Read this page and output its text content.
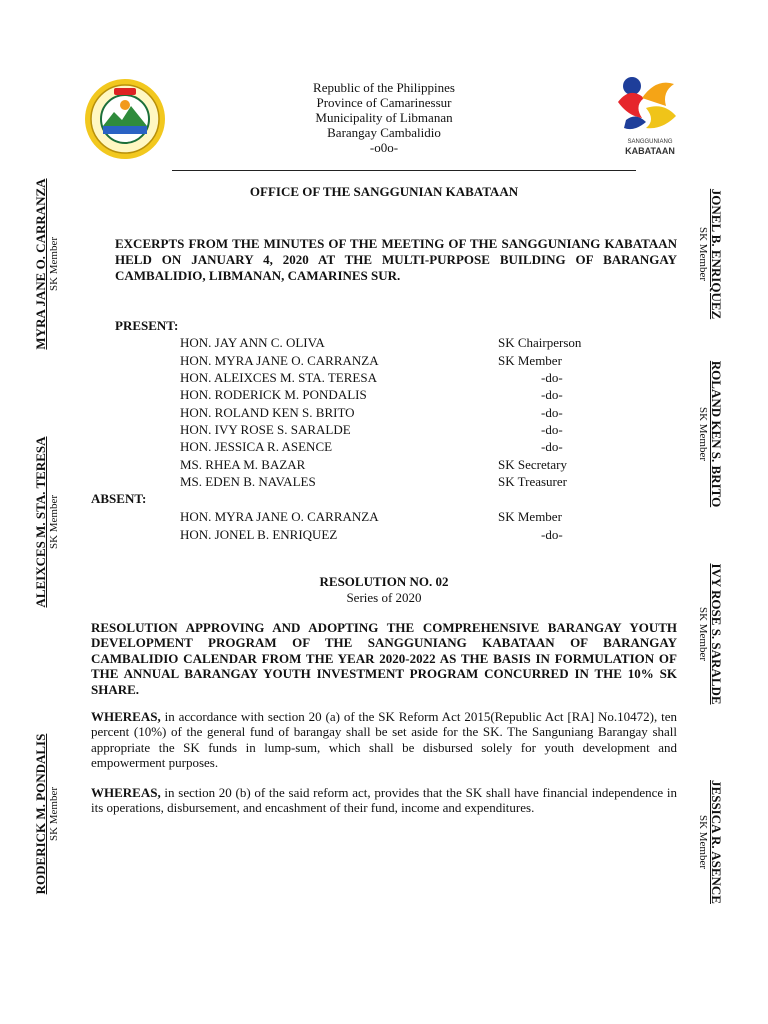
SANGGUNIANG
KABATAAN
Republic of the Philippines
Province of Camarinessur
Municipality of Libmanan
Barangay Cambalidio
-o0o-
OFFICE OF THE SANGGUNIAN KABATAAN
EXCERPTS FROM THE MINUTES OF THE MEETING OF THE SANGGUNIANG KABATAAN HELD ON JANUARY 4, 2020 AT THE MULTI-PURPOSE BUILDING OF BARANGAY CAMBALIDIO, LIBMANAN, CAMARINES SUR.
PRESENT:
HON. JAY ANN C. OLIVA	SK Chairperson
HON. MYRA JANE O. CARRANZA	SK Member
HON. ALEIXCES M. STA. TERESA	-do-
HON. RODERICK M. PONDALIS	-do-
HON. ROLAND KEN S. BRITO	-do-
HON. IVY ROSE S. SARALDE	-do-
HON. JESSICA R. ASENCE	-do-
MS. RHEA M. BAZAR	SK Secretary
MS. EDEN B. NAVALES	SK Treasurer
ABSENT:
HON. MYRA JANE O. CARRANZA	SK Member
HON. JONEL B. ENRIQUEZ	-do-
RESOLUTION NO. 02
Series of 2020
RESOLUTION APPROVING AND ADOPTING THE COMPREHENSIVE BARANGAY YOUTH DEVELOPMENT PROGRAM OF THE SANGGUNIANG KABATAAN OF BARANGAY CAMBALIDIO CALENDAR FROM THE YEAR 2020-2022 AS THE BASIS IN FORMULATION OF THE ANNUAL BARANGAY YOUTH INVESTMENT PROGRAM CONCURRED IN THE 10% SK SHARE.
WHEREAS, in accordance with section 20 (a) of the SK Reform Act 2015(Republic Act [RA] No.10472), ten percent (10%) of the general fund of barangay shall be set aside for the SK. The Sanguniang Barangay shall appropriate the SK funds in lump-sum, which shall be disbursed solely for youth development and empowerment purposes.
WHEREAS, in section 20 (b) of the said reform act, provides that the SK shall have financial independence in its operations, disbursement, and encashment of their fund, income and expenditures.
MYRA JANE O. CARRANZA SK Member
ALEIXCES M. STA. TERESA SK Member
RODERICK M. PONDALIS SK Member
JONEL B. ENRIQUEZ
SK Member
ROLAND KEN S. BRITO
SK Member
IVY ROSE S. SARALDE
SK Member
JESSICA R. ASENCE
SK Member
